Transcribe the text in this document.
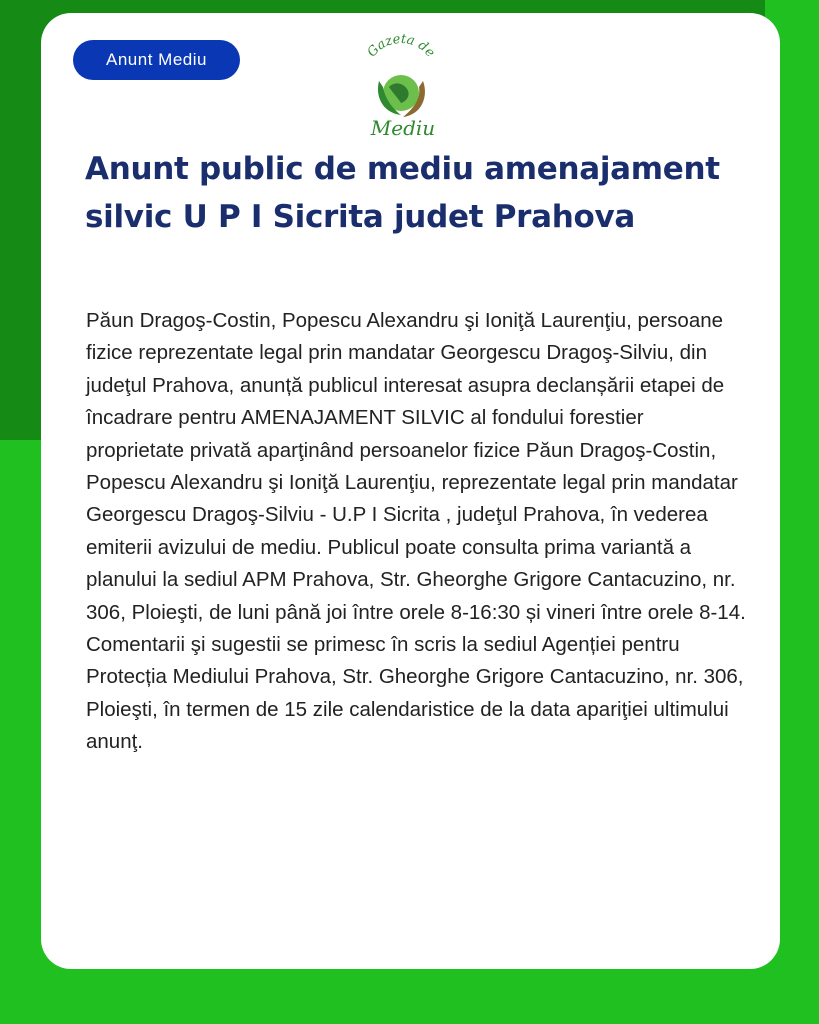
Anunt Mediu	Gazeta de
Mediu
Anunt public de mediu amenajament silvic U P I Sicrita judet Prahova

Păun Dragoş-Costin, Popescu Alexandru şi Ioniţă Laurenţiu, persoane fizice reprezentate legal prin mandatar Georgescu Dragoş-Silviu, din judeţul Prahova, anunță publicul interesat asupra declanșării etapei de încadrare pentru AMENAJAMENT SILVIC al fondului forestier proprietate privată aparţinând persoanelor fizice Păun Dragoş-Costin, Popescu Alexandru şi Ioniţă Laurenţiu, reprezentate legal prin mandatar Georgescu Dragoş-Silviu - U.P I Sicrita , judeţul Prahova, în vederea emiterii avizului de mediu. Publicul poate consulta prima variantă a planului la sediul APM Prahova, Str. Gheorghe Grigore Cantacuzino, nr. 306, Ploieşti, de luni până joi între orele 8-16:30 și vineri între orele 8-14. Comentarii şi sugestii se primesc în scris la sediul Agenției pentru Protecția Mediului Prahova, Str. Gheorghe Grigore Cantacuzino, nr. 306, Ploieşti, în termen de 15 zile calendaristice de la data apariţiei ultimului anunţ.
